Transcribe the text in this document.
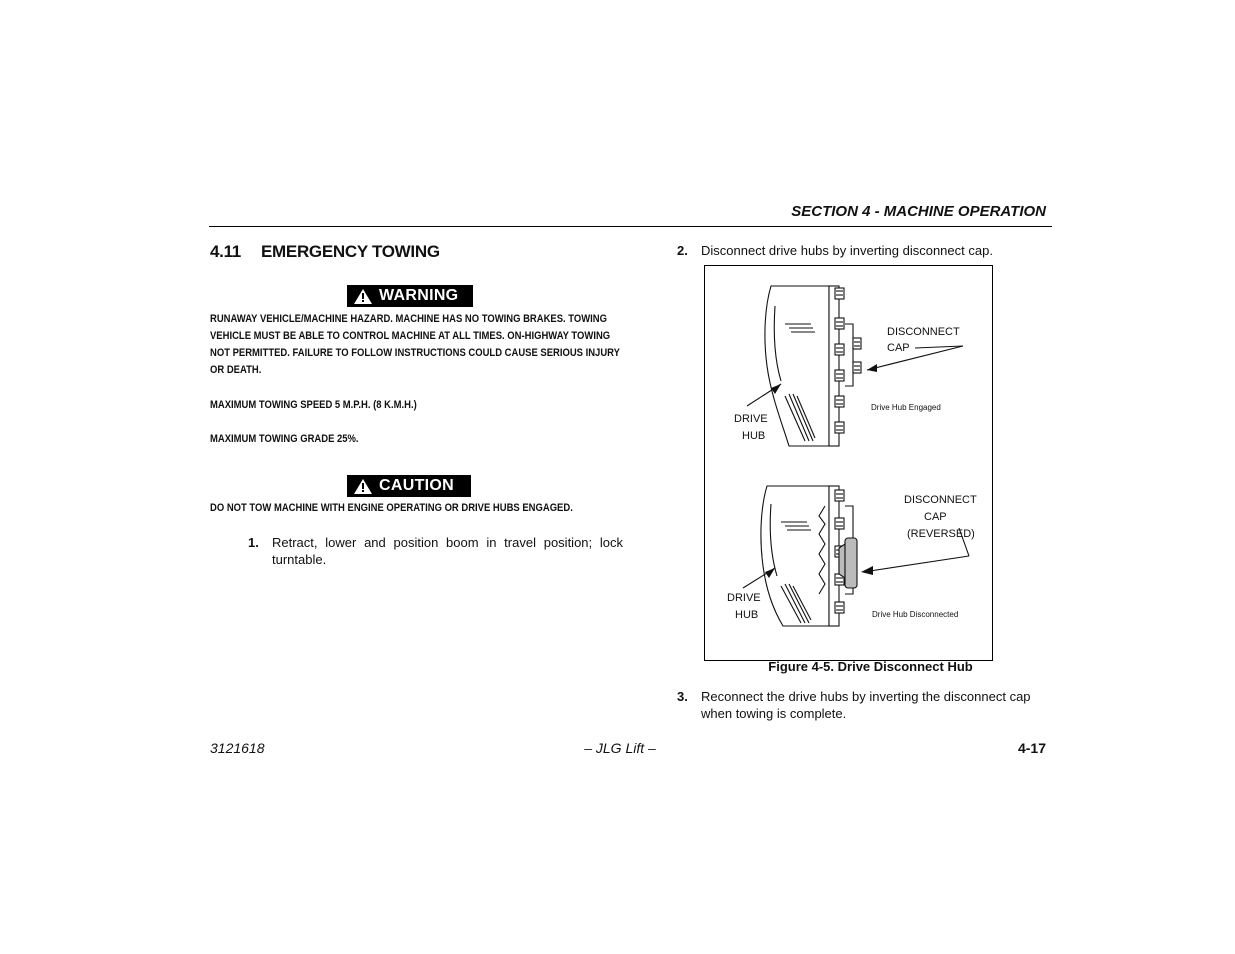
SECTION 4 - MACHINE OPERATION
4.11 EMERGENCY TOWING
WARNING
RUNAWAY VEHICLE/MACHINE HAZARD. MACHINE HAS NO TOWING BRAKES. TOWING VEHICLE MUST BE ABLE TO CONTROL MACHINE AT ALL TIMES. ON-HIGHWAY TOWING NOT PERMITTED. FAILURE TO FOLLOW INSTRUCTIONS COULD CAUSE SERIOUS INJURY OR DEATH.
MAXIMUM TOWING SPEED 5 M.P.H. (8 K.M.H.)
MAXIMUM TOWING GRADE 25%.
CAUTION
DO NOT TOW MACHINE WITH ENGINE OPERATING OR DRIVE HUBS ENGAGED.
1. Retract, lower and position boom in travel position; lock turntable.
2. Disconnect drive hubs by inverting disconnect cap.
DISCONNECT
CAP
DRIVE
HUB
Drive Hub Engaged
DISCONNECT
CAP
(REVERSED)
DRIVE
HUB	Drive Hub Disconnected
Figure 4-5. Drive Disconnect Hub
3. Reconnect the drive hubs by inverting the disconnect cap when towing is complete.
3121618	– JLG Lift –	4-17
